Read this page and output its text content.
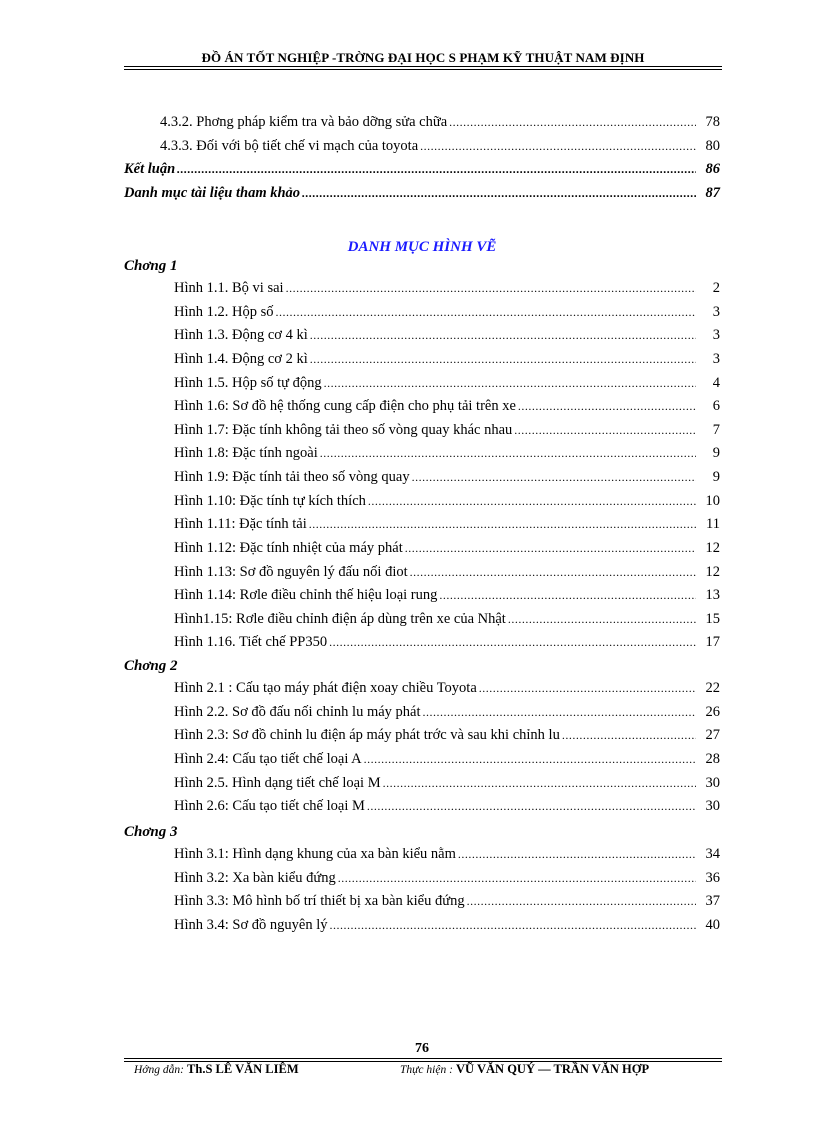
ĐỒ ÁN TỐT NGHIỆP -TRỜNG ĐẠI HỌC S PHẠM KỸ THUẬT NAM ĐỊNH
4.3.2. Phơng pháp kiểm tra và bảo dỡng sửa chữa .....	78
4.3.3. Đối với bộ tiết chế vi mạch của toyota .....	80
Kết luận .....	86
Danh mục tài liệu tham khảo .....	87
DANH MỤC HÌNH VẼ
Chơng 1
Hình 1.1. Bộ vi sai .....	2
Hình 1.2. Hộp số .....	3
Hình 1.3. Động cơ 4 kì .....	3
Hình 1.4. Động cơ 2 kì .....	3
Hình 1.5. Hộp số tự động .....	4
Hình 1.6: Sơ đồ hệ thống cung cấp điện cho phụ tải trên xe .....	6
Hình 1.7: Đặc tính không tải theo số vòng quay khác nhau .....	7
Hình 1.8: Đặc tính ngoài .....	9
Hình 1.9: Đặc tính tải theo số vòng quay .....	9
Hình 1.10: Đặc tính tự kích thích .....	10
Hình 1.11: Đặc tính tải .....	11
Hình 1.12: Đặc tính nhiệt của máy phát .....	12
Hình 1.13: Sơ đồ nguyên lý đấu nối điot .....	12
Hình 1.14: Rơle điều chỉnh thế hiệu loại rung .....	13
Hình1.15: Rơle điều chỉnh điện áp dùng trên xe của Nhật .....	15
Hình 1.16. Tiết chế PP350 .....	17
Chơng 2
Hình 2.1 : Cấu tạo máy phát điện xoay chiều Toyota .....	22
Hình 2.2. Sơ đồ đấu nối chỉnh lu máy phát .....	26
Hình 2.3: Sơ đồ chỉnh lu điện áp máy phát trớc và sau khi chỉnh lu .....	27
Hình 2.4: Cấu tạo tiết chế loại A .....	28
Hình 2.5. Hình dạng tiết chế loại M .....	30
Hình 2.6: Cấu tạo tiết chế loại M .....	30
Chơng 3
Hình 3.1: Hình dạng khung của xa bàn kiểu nằm .....	34
Hình 3.2: Xa bàn kiểu đứng .....	36
Hình 3.3: Mô hình bố trí thiết bị xa bàn kiểu đứng .....	37
Hình 3.4: Sơ đồ nguyên lý .....	40
76
Hớng dẫn: Th.S LÊ VĂN LIÊM	Thực hiện : VŨ VĂN QUÝ — TRẦN VĂN HỢP
